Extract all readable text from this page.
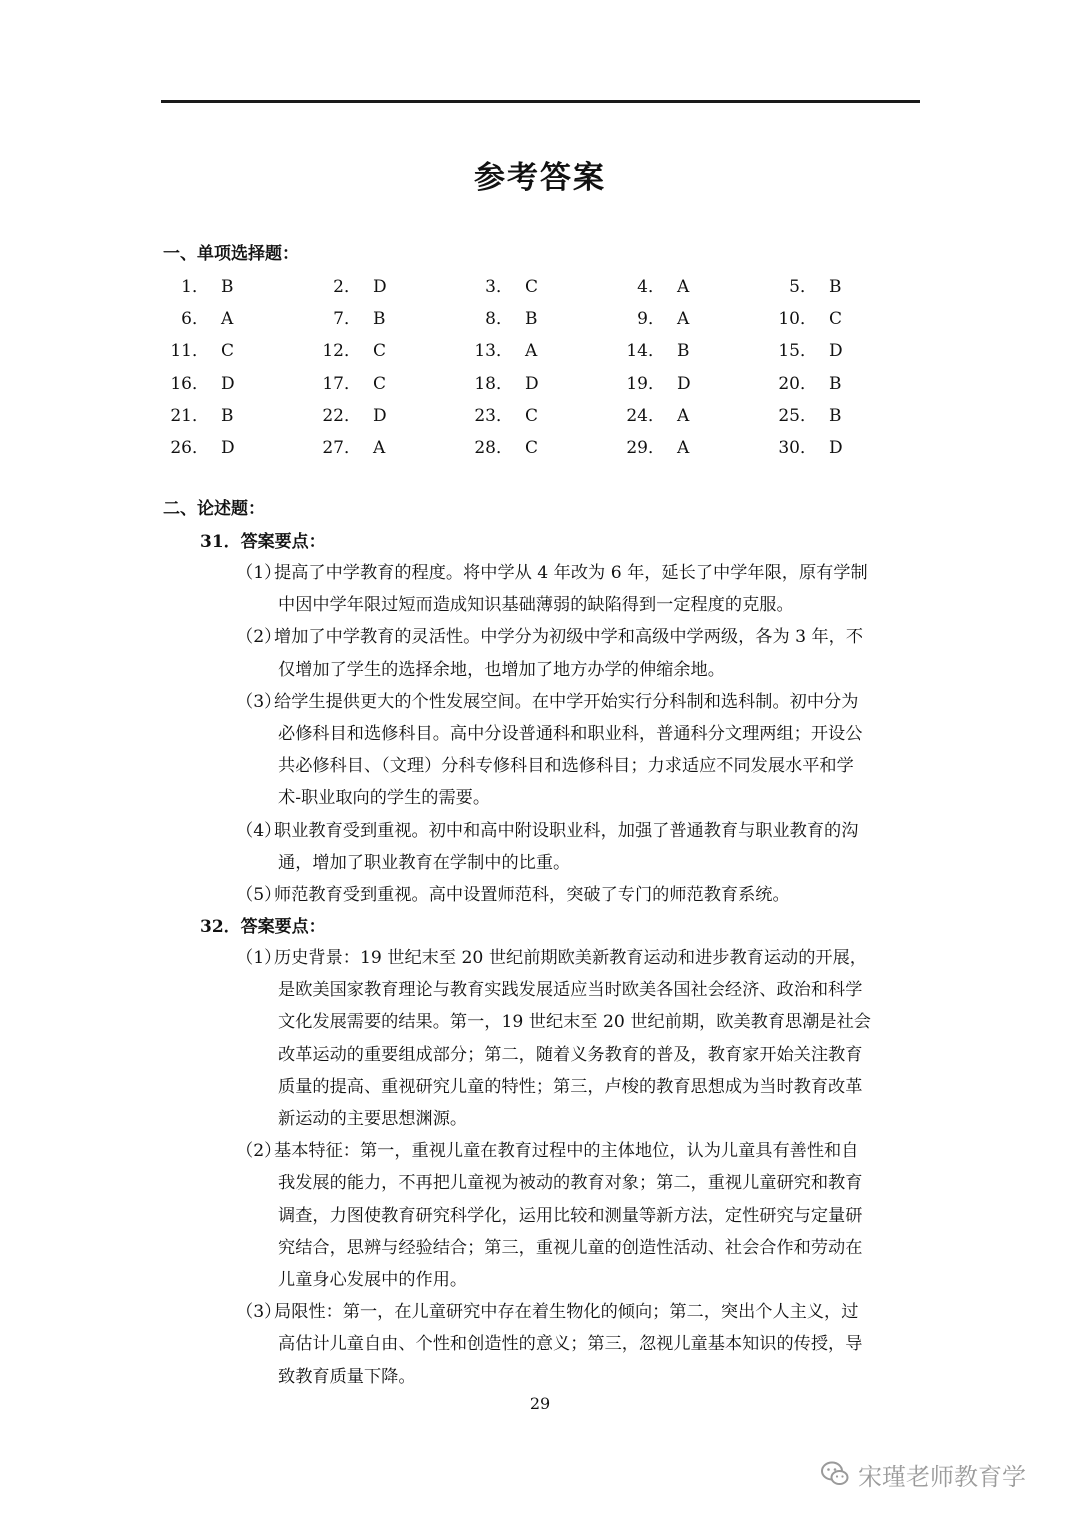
参考答案
一、单项选择题：
1． B	2． D	3． C	4． A	5． B
6． A	7． B	8． B	9． A	10． C
11． C	12． C	13． A	14． B	15． D
16． D	17． C	18． D	19． D	20． B
21． B	22． D	23． C	24． A	25． B
26． D	27． A	28． C	29． A	30． D
二、论述题：
31．答案要点：
（1）
提高了中学教育的程度。将中学从 4 年改为 6 年，延长了中学年限，原有学制
中因中学年限过短而造成知识基础薄弱的缺陷得到一定程度的克服。
（2）
增加了中学教育的灵活性。中学分为初级中学和高级中学两级，各为 3 年，不
仅增加了学生的选择余地，也增加了地方办学的伸缩余地。
（3）
给学生提供更大的个性发展空间。在中学开始实行分科制和选科制。初中分为
必修科目和选修科目。高中分设普通科和职业科，普通科分文理两组；开设公
共必修科目、（文理）分科专修科目和选修科目；力求适应不同发展水平和学
术-职业取向的学生的需要。
（4）
职业教育受到重视。初中和高中附设职业科，加强了普通教育与职业教育的沟
通，增加了职业教育在学制中的比重。
（5）
师范教育受到重视。高中设置师范科，突破了专门的师范教育系统。
32．答案要点：
（1）
历史背景：19 世纪末至 20 世纪前期欧美新教育运动和进步教育运动的开展，
是欧美国家教育理论与教育实践发展适应当时欧美各国社会经济、政治和科学
文化发展需要的结果。第一，19 世纪末至 20 世纪前期，欧美教育思潮是社会
改革运动的重要组成部分；第二，随着义务教育的普及，教育家开始关注教育
质量的提高、重视研究儿童的特性；第三，卢梭的教育思想成为当时教育改革
新运动的主要思想渊源。
（2）
基本特征：第一，重视儿童在教育过程中的主体地位，认为儿童具有善性和自
我发展的能力，不再把儿童视为被动的教育对象；第二，重视儿童研究和教育
调查，力图使教育研究科学化，运用比较和测量等新方法，定性研究与定量研
究结合，思辨与经验结合；第三，重视儿童的创造性活动、社会合作和劳动在
儿童身心发展中的作用。
（3）
局限性：第一，在儿童研究中存在着生物化的倾向；第二，突出个人主义，过
高估计儿童自由、个性和创造性的意义；第三，忽视儿童基本知识的传授，导
致教育质量下降。
29
宋瑾老师教育学
